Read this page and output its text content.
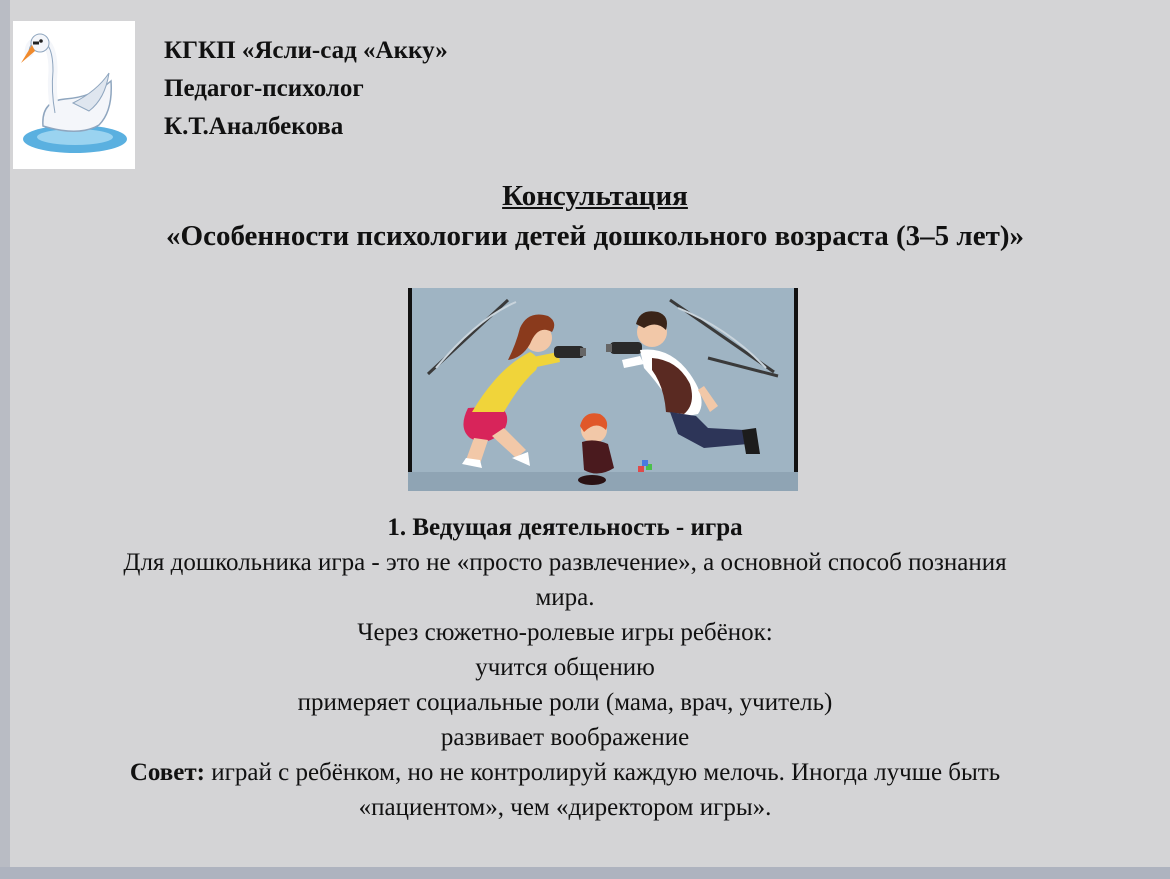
КГКП «Ясли-сад «Акку»
Педагог-психолог
К.Т.Аналбекова
Консультация
«Особенности психологии детей дошкольного возраста (3–5 лет)»

1. Ведущая деятельность - игра

Для дошкольника игра - это не «просто развлечение», а основной способ познания

мира.

Через сюжетно-ролевые игры ребёнок:

учится общению

примеряет социальные роли (мама, врач, учитель)

развивает воображение

Совет: играй с ребёнком, но не контролируй каждую мелочь. Иногда лучше быть

«пациентом», чем «директором игры».
